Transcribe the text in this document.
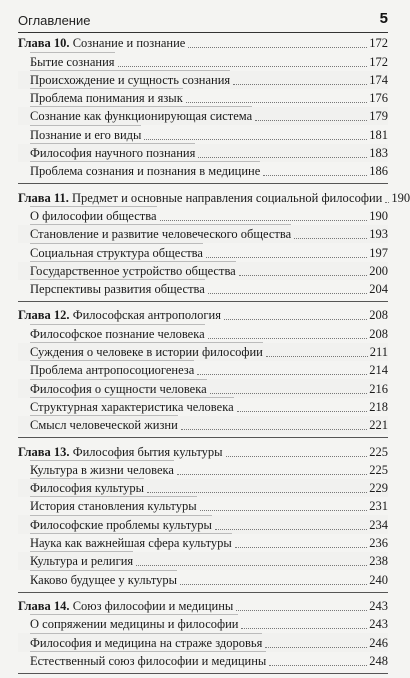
Оглавление	5
Глава 10. Сознание и познание	172
Бытие сознания	172
Происхождение и сущность сознания	174
Проблема понимания и язык	176
Сознание как функционирующая система	179
Познание и его виды	181
Философия научного познания	183
Проблема сознания и познания в медицине	186
Глава 11. Предмет и основные направления социальной философии 190
О философии общества	190
Становление и развитие человеческого общества	193
Социальная структура общества	197
Государственное устройство общества	200
Перспективы развития общества	204
Глава 12. Философская антропология	208
Философское познание человека	208
Суждения о человеке в истории философии	211
Проблема антропосоциогенеза	214
Философия о сущности человека	216
Структурная характеристика человека	218
Смысл человеческой жизни	221
Глава 13. Философия бытия культуры	225
Культура в жизни человека	225
Философия культуры	229
История становления культуры	231
Философские проблемы культуры	234
Наука как важнейшая сфера культуры	236
Культура и религия	238
Каково будущее у культуры	240
Глава 14. Союз философии и медицины	243
О сопряжении медицины и философии	243
Философия и медицина на страже здоровья	246
Естественный союз философии и медицины	248
